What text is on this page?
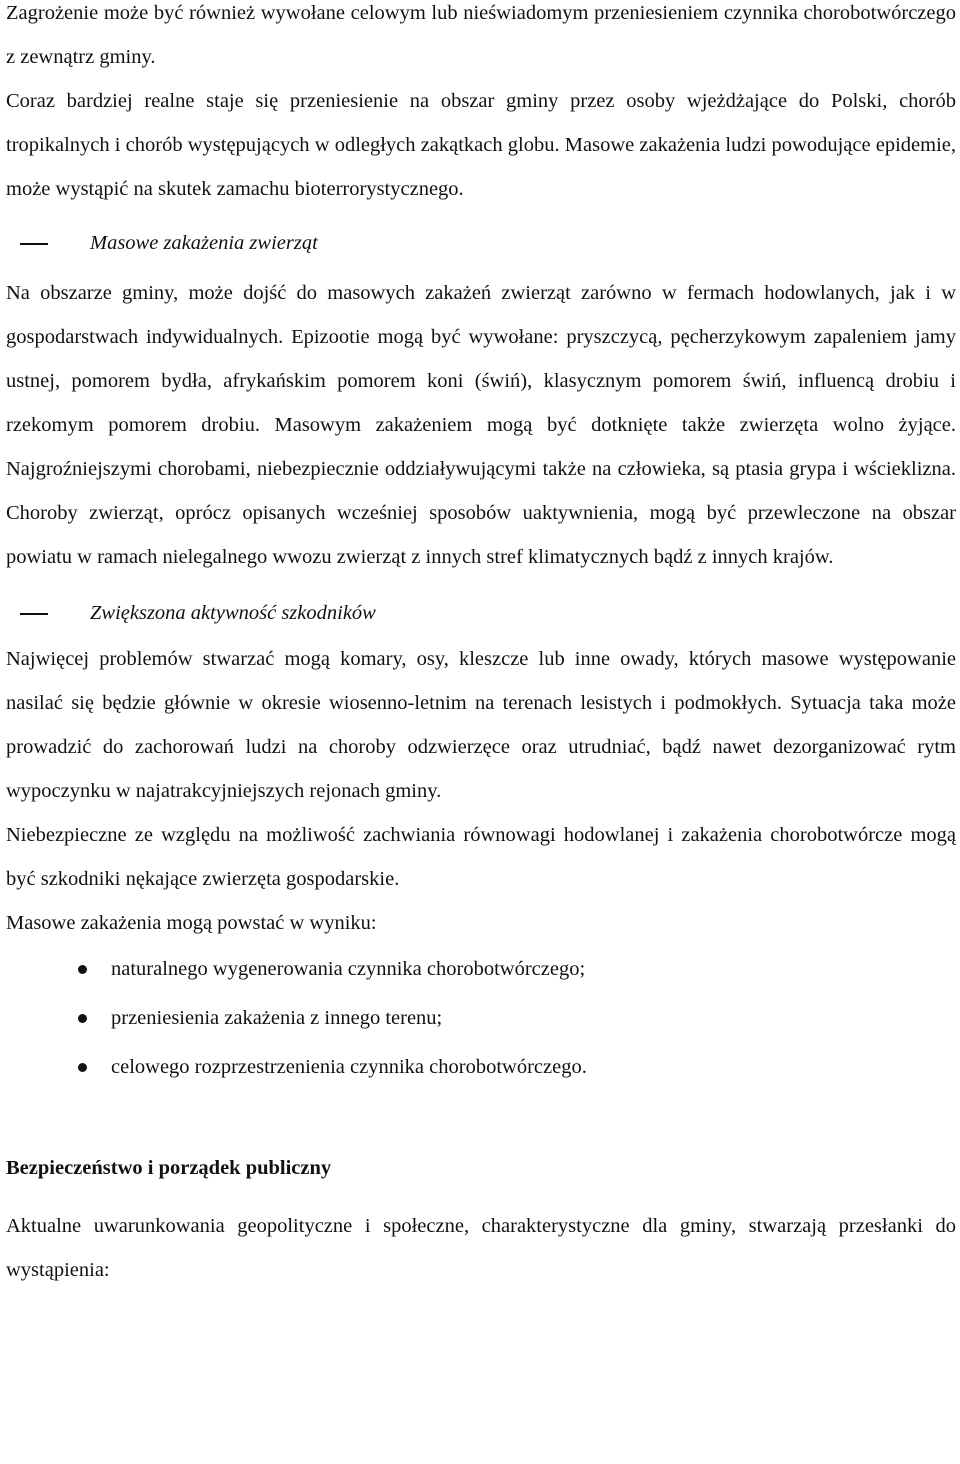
Zagrożenie może być również wywołane celowym lub nieświadomym przeniesieniem czynnika chorobotwórczego z zewnątrz gminy.

Coraz bardziej realne staje się przeniesienie na obszar gminy przez osoby wjeżdżające do Polski, chorób tropikalnych i chorób występujących w odległych zakątkach globu. Masowe zakażenia ludzi powodujące epidemie, może wystąpić na skutek zamachu bioterrorystycznego.

Masowe zakażenia zwierząt

Na obszarze gminy, może dojść do masowych zakażeń zwierząt zarówno w fermach hodowlanych, jak i w gospodarstwach indywidualnych. Epizootie mogą być wywołane: pryszczycą, pęcherzykowym zapaleniem jamy ustnej, pomorem bydła, afrykańskim pomorem koni (świń), klasycznym pomorem świń, influencą drobiu i rzekomym pomorem drobiu. Masowym zakażeniem mogą być dotknięte także zwierzęta wolno żyjące. Najgroźniejszymi chorobami, niebezpiecznie oddziaływującymi także na człowieka, są ptasia grypa i wścieklizna. Choroby zwierząt, oprócz opisanych wcześniej sposobów uaktywnienia, mogą być przewleczone na obszar powiatu w ramach nielegalnego wwozu zwierząt z innych stref klimatycznych bądź z innych krajów.

Zwiększona aktywność szkodników

Najwięcej problemów stwarzać mogą komary, osy, kleszcze lub inne owady, których masowe występowanie nasilać się będzie głównie w okresie wiosenno-letnim na terenach lesistych i podmokłych. Sytuacja taka może prowadzić do zachorowań ludzi na choroby odzwierzęce oraz utrudniać, bądź nawet dezorganizować rytm wypoczynku w najatrakcyjniejszych rejonach gminy.

Niebezpieczne ze względu na możliwość zachwiania równowagi hodowlanej i zakażenia chorobotwórcze mogą być szkodniki nękające zwierzęta gospodarskie.

Masowe zakażenia mogą powstać w wyniku:

naturalnego wygenerowania czynnika chorobotwórczego;
przeniesienia zakażenia z innego terenu;
celowego rozprzestrzenienia czynnika chorobotwórczego.

Bezpieczeństwo i porządek publiczny

Aktualne uwarunkowania geopolityczne i społeczne, charakterystyczne dla gminy, stwarzają przesłanki do wystąpienia:
